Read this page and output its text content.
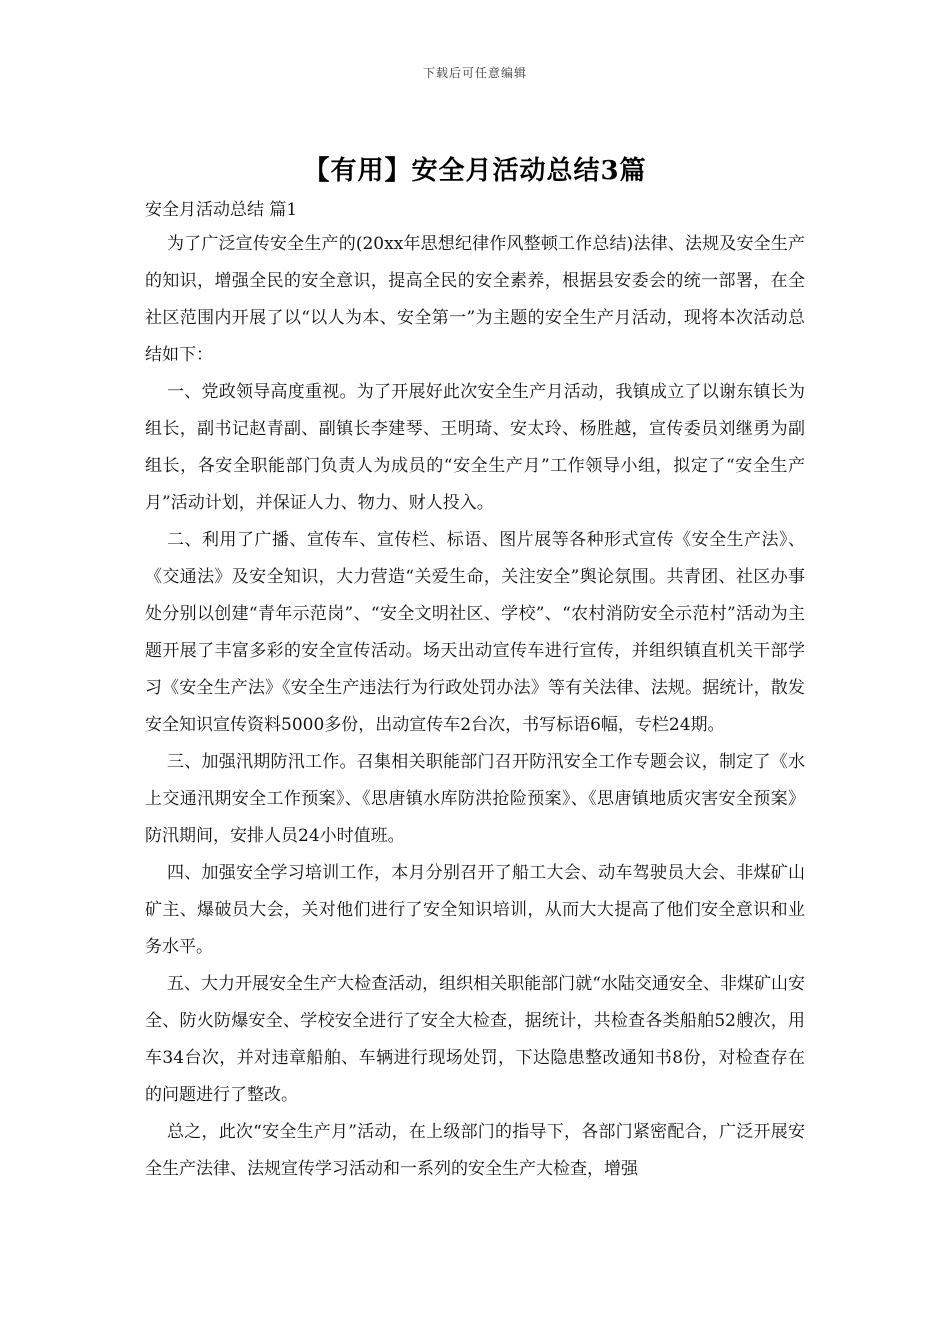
下载后可任意编辑
【有用】安全月活动总结3篇
安全月活动总结 篇1

为了广泛宣传安全生产的(20xx年思想纪律作风整顿工作总结)法律、法规及安全生产的知识，增强全民的安全意识，提高全民的安全素养，根据县安委会的统一部署，在全社区范围内开展了以“以人为本、安全第一”为主题的安全生产月活动，现将本次活动总结如下：

一、党政领导高度重视。为了开展好此次安全生产月活动，我镇成立了以谢东镇长为组长，副书记赵青副、副镇长李建琴、王明琦、安太玲、杨胜越，宣传委员刘继勇为副组长，各安全职能部门负责人为成员的“安全生产月”工作领导小组，拟定了“安全生产月”活动计划，并保证人力、物力、财人投入。

二、利用了广播、宣传车、宣传栏、标语、图片展等各种形式宣传《安全生产法》、《交通法》及安全知识，大力营造“关爱生命，关注安全”舆论氛围。共青团、社区办事处分别以创建“青年示范岗”、“安全文明社区、学校”、“农村消防安全示范村”活动为主题开展了丰富多彩的安全宣传活动。场天出动宣传车进行宣传，并组织镇直机关干部学习《安全生产法》《安全生产违法行为行政处罚办法》等有关法律、法规。据统计，散发安全知识宣传资料5000多份，出动宣传车2台次，书写标语6幅，专栏24期。

三、加强汛期防汛工作。召集相关职能部门召开防汛安全工作专题会议，制定了《水上交通汛期安全工作预案》、《思唐镇水库防洪抢险预案》、《思唐镇地质灾害安全预案》防汛期间，安排人员24小时值班。

四、加强安全学习培训工作，本月分别召开了船工大会、动车驾驶员大会、非煤矿山矿主、爆破员大会，关对他们进行了安全知识培训，从而大大提高了他们安全意识和业务水平。

五、大力开展安全生产大检查活动，组织相关职能部门就“水陆交通安全、非煤矿山安全、防火防爆安全、学校安全进行了安全大检查，据统计，共检查各类船舶52艘次，用车34台次，并对违章船舶、车辆进行现场处罚，下达隐患整改通知书8份，对检查存在的问题进行了整改。

总之，此次“安全生产月”活动，在上级部门的指导下，各部门紧密配合，广泛开展安全生产法律、法规宣传学习活动和一系列的安全生产大检查，增强
